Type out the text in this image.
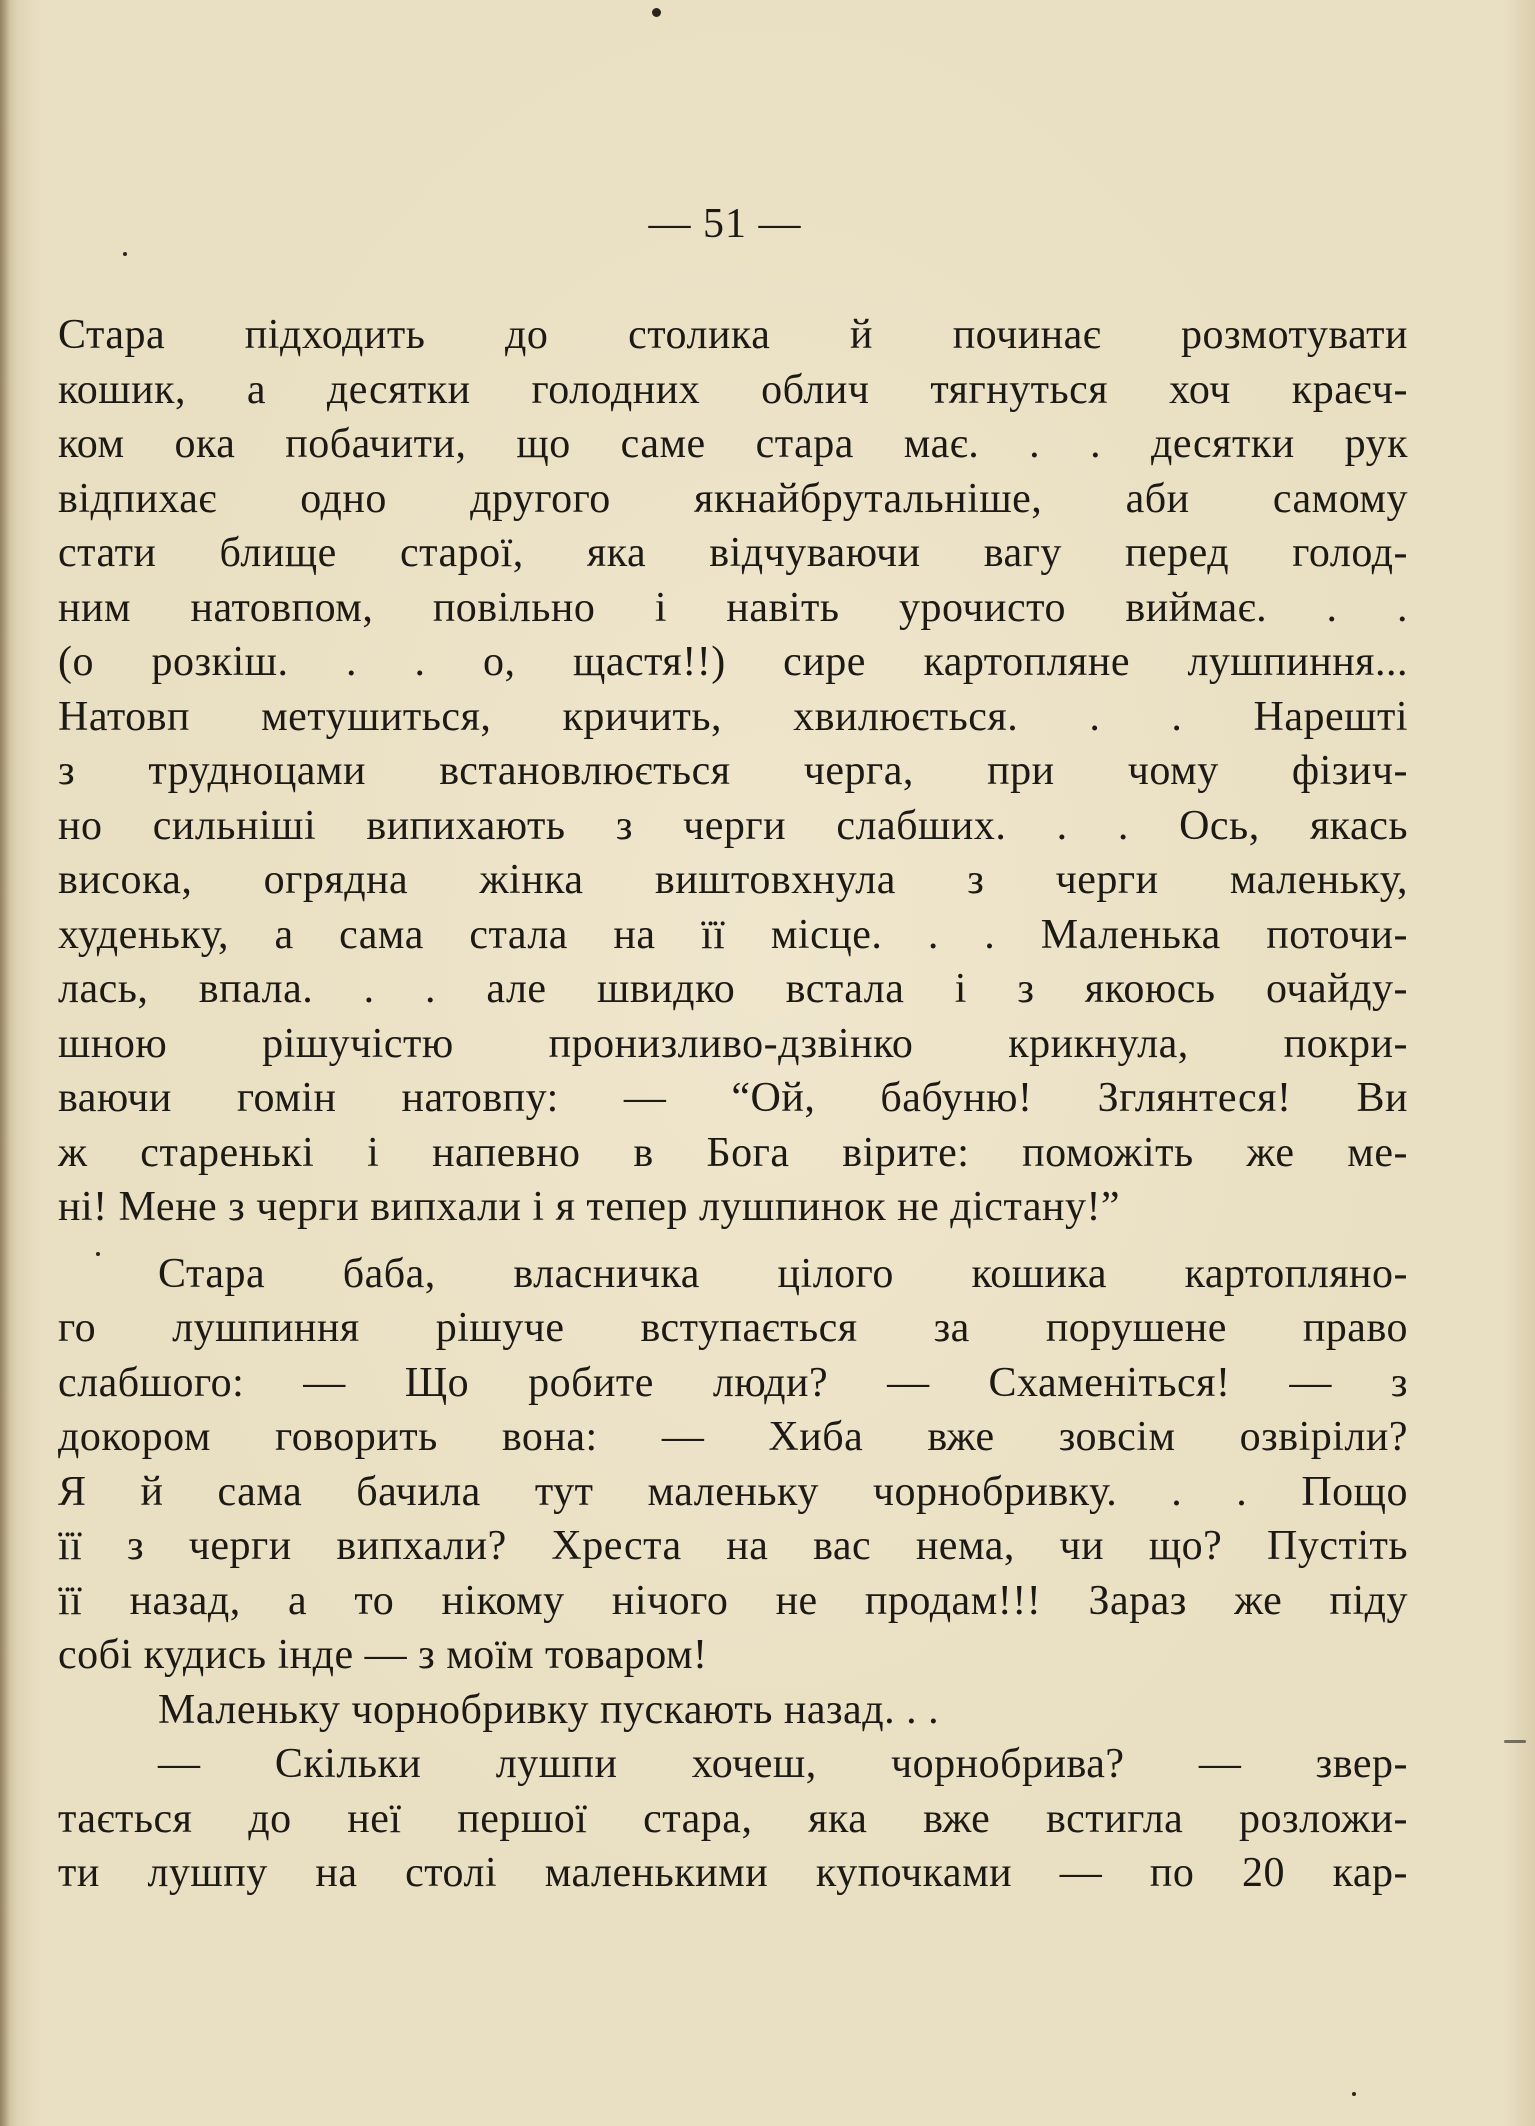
— 51 —
Стара підходить до столика й починає розмотувати
кошик, а десятки голодних облич тягнуться хоч краєч-
ком ока побачити, що саме стара має. . . десятки рук
відпихає одно другого якнайбрутальніше, аби самому
стати блище старої, яка відчуваючи вагу перед голод-
ним натовпом, повільно і навіть урочисто виймає. . .
(о розкіш. . . о, щастя!!) сире картопляне лушпиння...
Натовп метушиться, кричить, хвилюється. . . Нарешті
з трудноцами встановлюється черга, при чому фізич-
но сильніші випихають з черги слабших. . . Ось, якась
висока, огрядна жінка виштовхнула з черги маленьку,
худеньку, а сама стала на її місце. . . Маленька поточи-
лась, впала. . . але швидко встала і з якоюсь очайду-
шною рішучістю пронизливо-дзвінко крикнула, покри-
ваючи гомін натовпу: — “Ой, бабуню! Зглянтеся! Ви
ж старенькі і напевно в Бога вірите: поможіть же ме-
ні! Мене з черги випхали і я тепер лушпинок не дістану!”
Стара баба, власничка цілого кошика картопляно-
го лушпиння рішуче вступається за порушене право
слабшого: — Що робите люди? — Схаменіться! — з
докором говорить вона: — Хиба вже зовсім озвіріли?
Я й сама бачила тут маленьку чорнобривку. . . Пощо
її з черги випхали? Хреста на вас нема, чи що? Пустіть
її назад, а то нікому нічого не продам!!! Зараз же піду
собі кудись інде — з моїм товаром!
Маленьку чорнобривку пускають назад. . .
— Скільки лушпи хочеш, чорнобрива? — звер-
тається до неї першої стара, яка вже встигла розложи-
ти лушпу на столі маленькими купочками — по 20 кар-
